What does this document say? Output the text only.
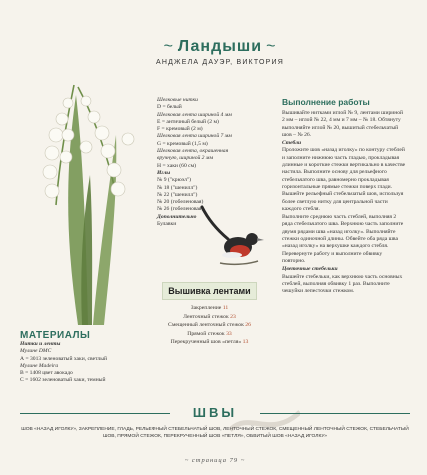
~ Ландыши ~
АНДЖЕЛА ДАУЭР, ВИКТОРИЯ
МАТЕРИАЛЫ
Нитки и ленты
Мулине DMC
А = 3013 зеленоватый хаки, светлый
Мулине Madeira
B = 1408 цвет авокадо
С = 1602 зеленоватый хаки, темный
Шелковые нитки
D = белый
Шелковая лента шириной 4 мм
E = античный белый (2 м)
F = кремовый (2 м)
Шелковая лента шириной 7 мм
G = кремовый (1,5 м)
Шелковая лента, окрашенная
вручную, шириной 2 мм
H = хаки (60 см)
Иглы
№ 9 ("крюэл")
№ 18 ("шенилл")
№ 22 ("шенилл")
№ 20 (гобеленовая)
№ 26 (гобеленовая)
Дополнительно
Булавки
Вышивка лентами
Закрепление 11
Ленточный стежок 23
Смещенный ленточный стежок 26
Прямой стежок 33
Перекрученный шов «петля» 13
Выполнение работы
Вышивайте нитками иглой № 9, лентами шириной 2 мм – иглой № 22, 4 мм и 7 мм – № 18. Обтянуту выполняйте иглой № 20, вышитый стебельчатый шов – № 26.
Стебли
Проложите шов «назад иголку» по контуру стеблей и заполните нижнюю часть гладью, прокладывая длинные и короткие стежки вертикально в качестве настила. Выполните основу для рельефного стебельчатого шва, равномерно прокладывая горизонтальные прямые стежки поверх глади. Вышейте рельефный стебельчатый шов, используя более светлую нитку для центральной части каждого стебля.
Выполните среднюю часть стеблей, выполняя 2 ряда стебельчатого шва. Верхнюю часть заполните двумя рядами шва «назад иголку». Выполняйте стежки одиночной длины. Обвейте оба ряда шва «назад иголку» на верхушке каждого стебля. Перевернуте работу и выполните обвивку повторно.
Цветочные стебельки
Вышейте стебельки, как верхнюю часть основных стеблей, выполняя обвивку 1 раз. Выполните чешуйки лепесточки стежком.
ШВЫ
ШОВ «НАЗАД ИГОЛКУ», ЗАКРЕПЛЕНИЕ, ГЛАДЬ, РЕЛЬЕФНЫЙ СТЕБЕЛЬЧАТЫЙ ШОВ, ЛЕНТОЧНЫЙ СТЕЖОК, СМЕЩЕННЫЙ ЛЕНТОЧНЫЙ СТЕЖОК, СТЕБЕЛЬЧАТЫЙ ШОВ, ПРЯМОЙ СТЕЖОК, ПЕРЕКРУЧЕННЫЙ ШОВ «ПЕТЛЯ», ОБВИТЫЙ ШОВ «НАЗАД ИГОЛКУ»
~ страница 79 ~
